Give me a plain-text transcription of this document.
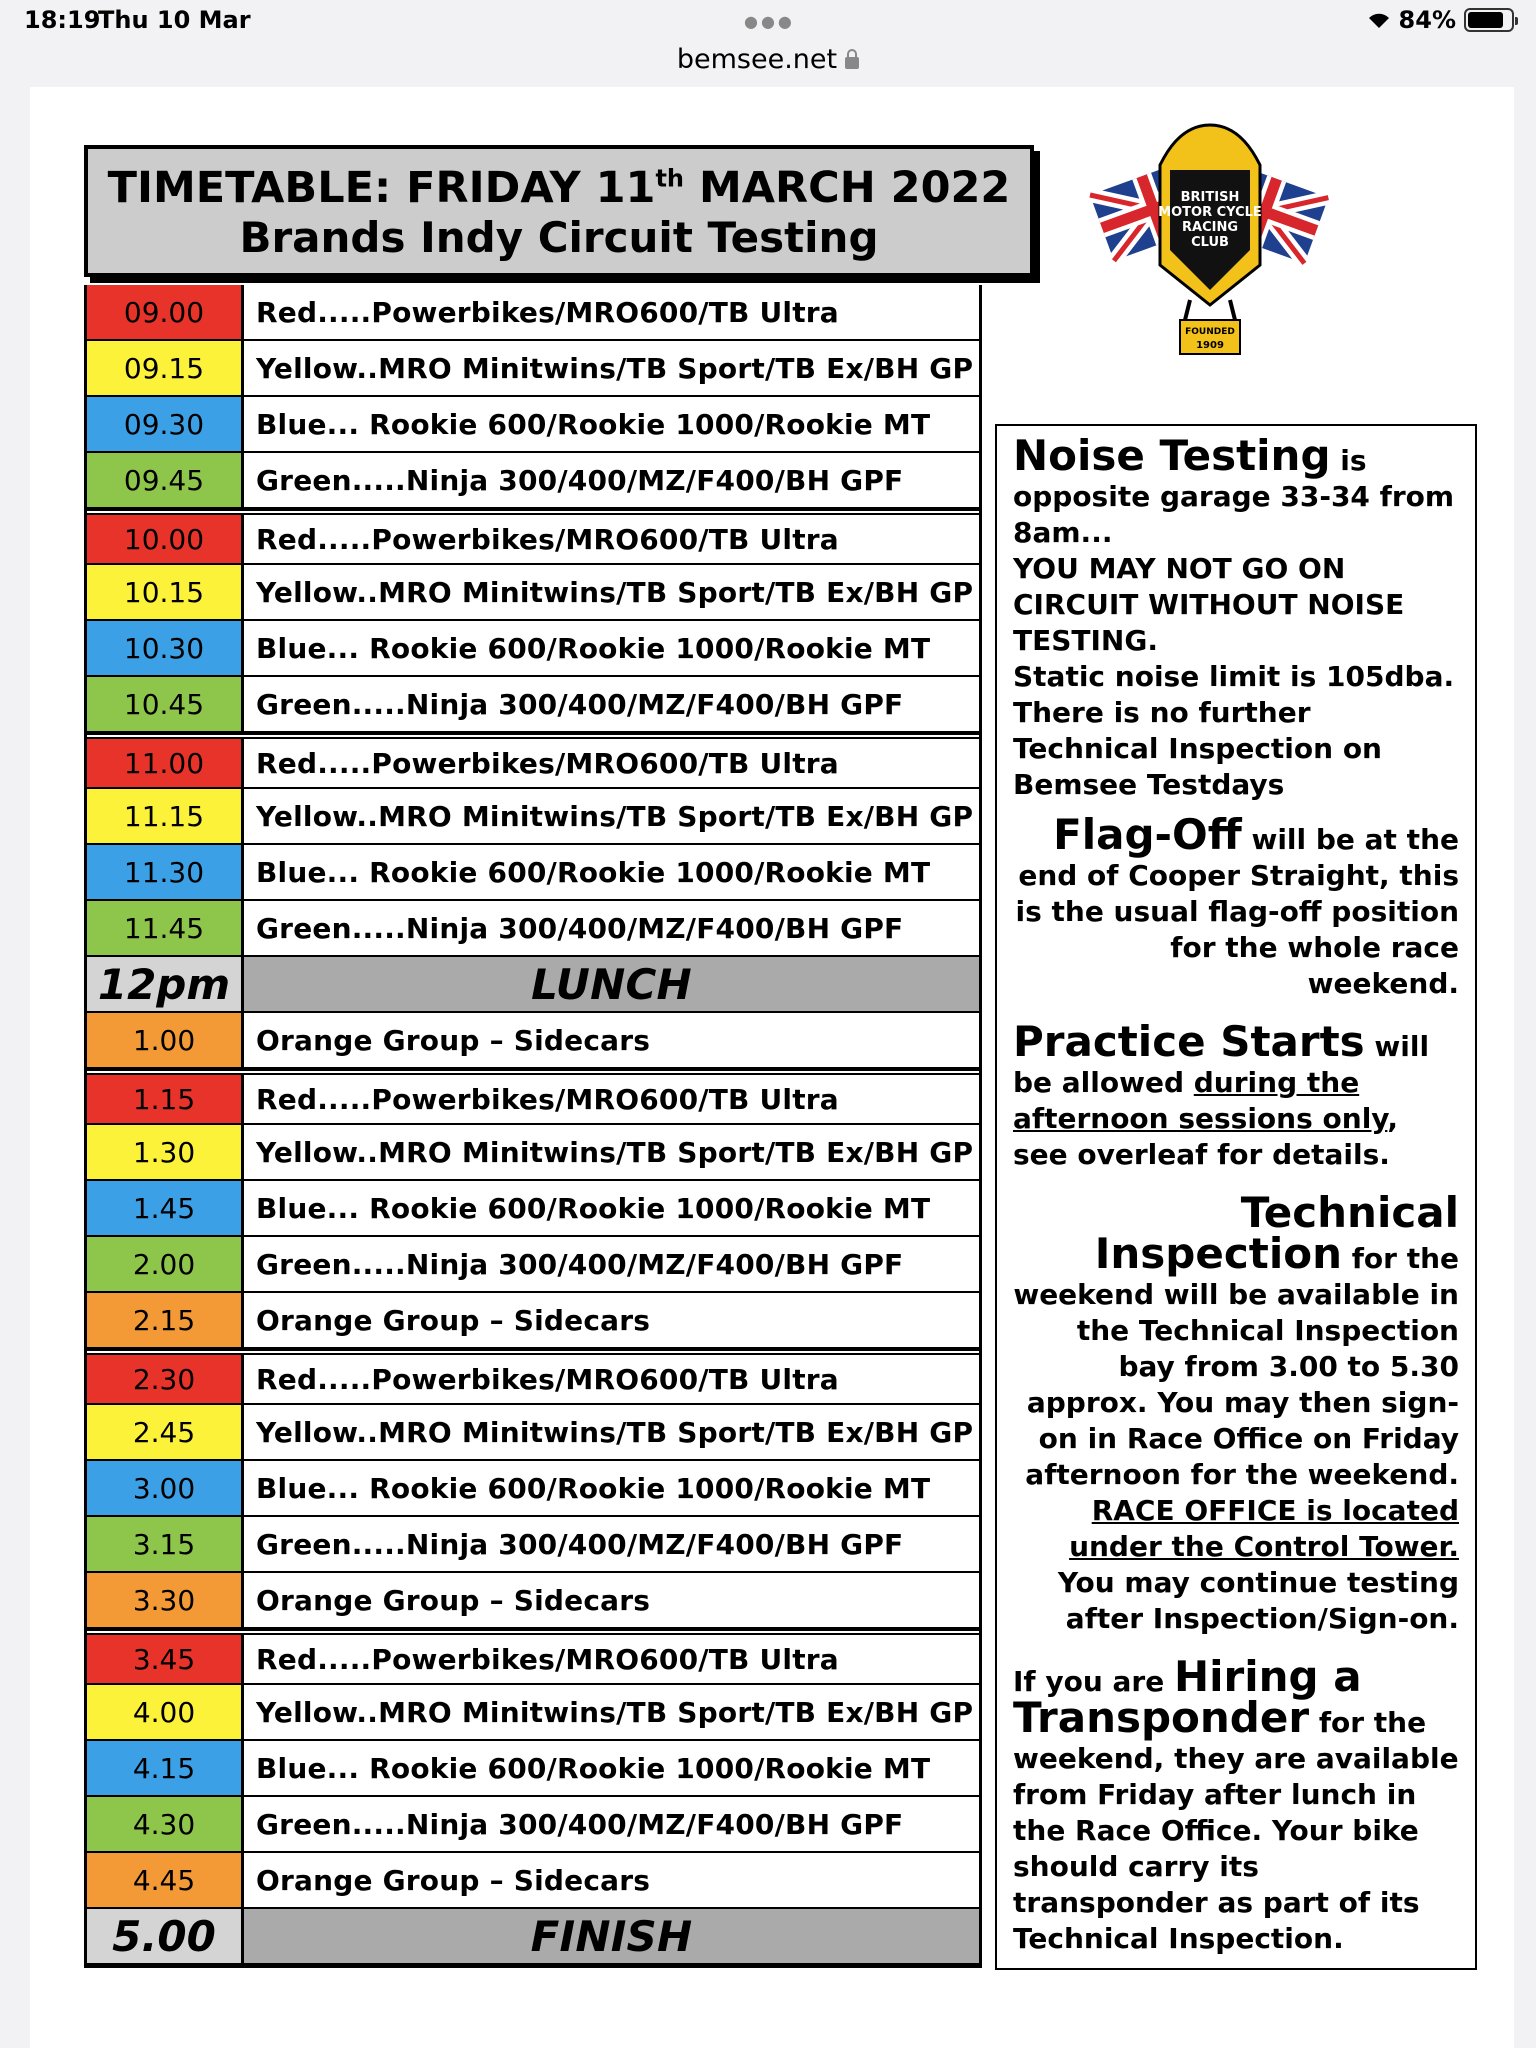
18:19
Thu 10 Mar	●●●	84%
bemsee.net
TIMETABLE: FRIDAY 11th MARCH 2022
Brands Indy Circuit Testing
BRITISH
MOTOR CYCLE
RACING
CLUB
FOUNDED
1909
09.00	Red.....Powerbikes/MRO600/TB Ultra
09.15	Yellow..MRO Minitwins/TB Sport/TB Ex/BH GP
09.30	Blue... Rookie 600/Rookie 1000/Rookie MT
09.45	Green.....Ninja 300/400/MZ/F400/BH GPF
10.00	Red.....Powerbikes/MRO600/TB Ultra
10.15	Yellow..MRO Minitwins/TB Sport/TB Ex/BH GP
10.30	Blue... Rookie 600/Rookie 1000/Rookie MT
10.45	Green.....Ninja 300/400/MZ/F400/BH GPF
11.00	Red.....Powerbikes/MRO600/TB Ultra
11.15	Yellow..MRO Minitwins/TB Sport/TB Ex/BH GP
11.30	Blue... Rookie 600/Rookie 1000/Rookie MT
11.45	Green.....Ninja 300/400/MZ/F400/BH GPF
12pm	LUNCH
1.00	Orange Group – Sidecars
1.15	Red.....Powerbikes/MRO600/TB Ultra
1.30	Yellow..MRO Minitwins/TB Sport/TB Ex/BH GP
1.45	Blue... Rookie 600/Rookie 1000/Rookie MT
2.00	Green.....Ninja 300/400/MZ/F400/BH GPF
2.15	Orange Group – Sidecars
2.30	Red.....Powerbikes/MRO600/TB Ultra
2.45	Yellow..MRO Minitwins/TB Sport/TB Ex/BH GP
3.00	Blue... Rookie 600/Rookie 1000/Rookie MT
3.15	Green.....Ninja 300/400/MZ/F400/BH GPF
3.30	Orange Group – Sidecars
3.45	Red.....Powerbikes/MRO600/TB Ultra
4.00	Yellow..MRO Minitwins/TB Sport/TB Ex/BH GP
4.15	Blue... Rookie 600/Rookie 1000/Rookie MT
4.30	Green.....Ninja 300/400/MZ/F400/BH GPF
4.45	Orange Group – Sidecars
5.00	FINISH

Noise Testing is opposite garage 33-34 from 8am...
YOU MAY NOT GO ON CIRCUIT WITHOUT NOISE TESTING.
Static noise limit is 105dba. There is no further Technical Inspection on Bemsee Testdays

Flag-Off will be at the end of Cooper Straight, this is the usual flag-off position for the whole race weekend.

Practice Starts will be allowed during the afternoon sessions only, see overleaf for details.

Technical
Inspection for the weekend will be available in the Technical Inspection bay from 3.00 to 5.30 approx. You may then sign-on in Race Office on Friday afternoon for the weekend.
RACE OFFICE is located under the Control Tower.
You may continue testing after Inspection/Sign-on.

If you are Hiring a
Transponder for the weekend, they are available from Friday after lunch in the Race Office. Your bike should carry its transponder as part of its Technical Inspection.
